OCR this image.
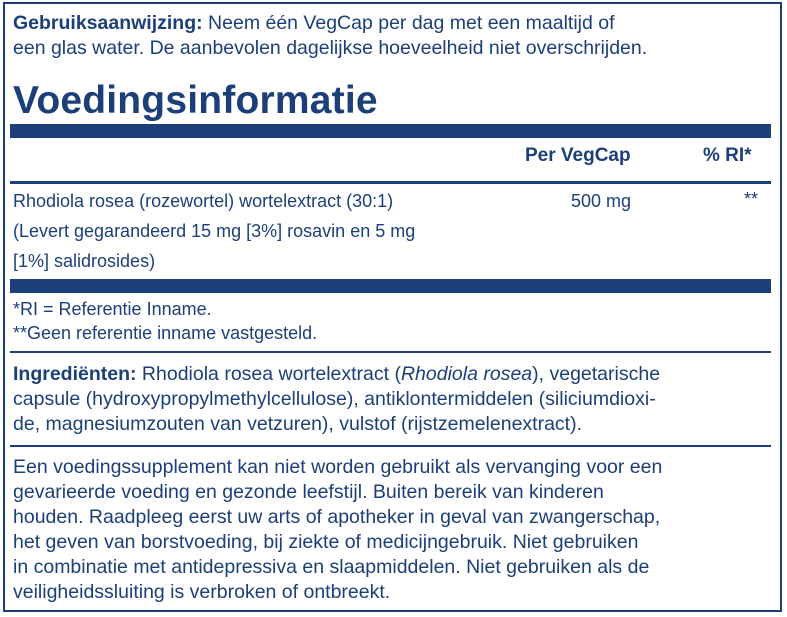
Gebruiksaanwijzing: Neem één VegCap per dag met een maaltijd of
een glas water. De aanbevolen dagelijkse hoeveelheid niet overschrijden.
Voedingsinformatie
Per VegCap	% RI*
Rhodiola rosea (rozewortel) wortelextract (30:1)
(Levert gegarandeerd 15 mg [3%] rosavin en 5 mg
[1%] salidrosides)
500 mg	**
*RI = Referentie Inname.
**Geen referentie inname vastgesteld.
Ingrediënten: Rhodiola rosea wortelextract (Rhodiola rosea), vegetarische
capsule (hydroxypropylmethylcellulose), antiklontermiddelen (siliciumdioxi-
de, magnesiumzouten van vetzuren), vulstof (rijstzemelenextract).
Een voedingssupplement kan niet worden gebruikt als vervanging voor een
gevarieerde voeding en gezonde leefstijl. Buiten bereik van kinderen
houden. Raadpleeg eerst uw arts of apotheker in geval van zwangerschap,
het geven van borstvoeding, bij ziekte of medicijngebruik. Niet gebruiken
in combinatie met antidepressiva en slaapmiddelen. Niet gebruiken als de
veiligheidssluiting is verbroken of ontbreekt.
